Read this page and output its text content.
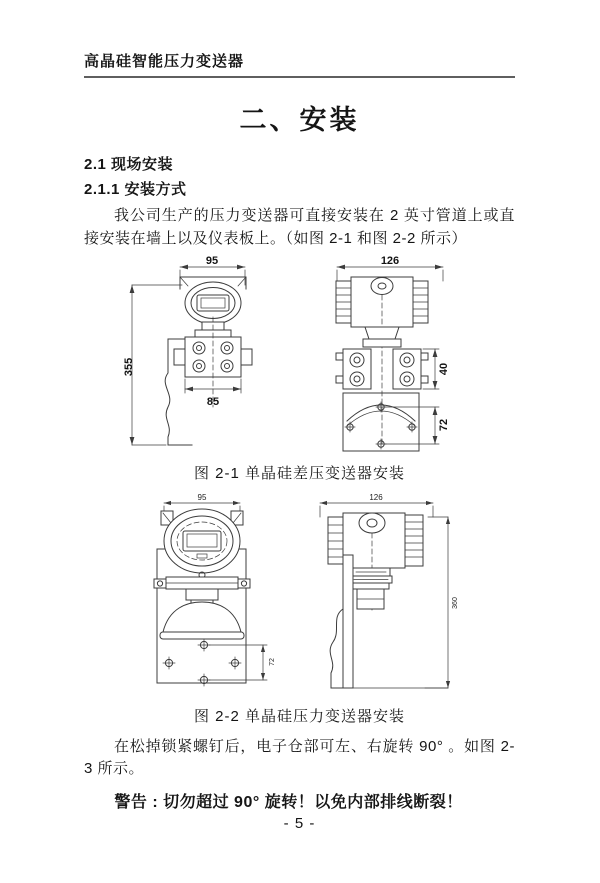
高晶硅智能压力变送器
二、安装
2.1 现场安装
2.1.1 安装方式

我公司生产的压力变送器可直接安装在 2 英寸管道上或直接安装在墙上以及仪表板上。（如图 2-1 和图 2-2 所示）

95
355
85
126
40
72
图 2-1 单晶硅差压变送器安装
95
72
126
360
图 2-2 单晶硅压力变送器安装

在松掉锁紧螺钉后，电子仓部可左、右旋转 90° 。如图 2-3 所示。

警告 : 切勿超过 90° 旋转！以免内部排线断裂！

- 5 -
